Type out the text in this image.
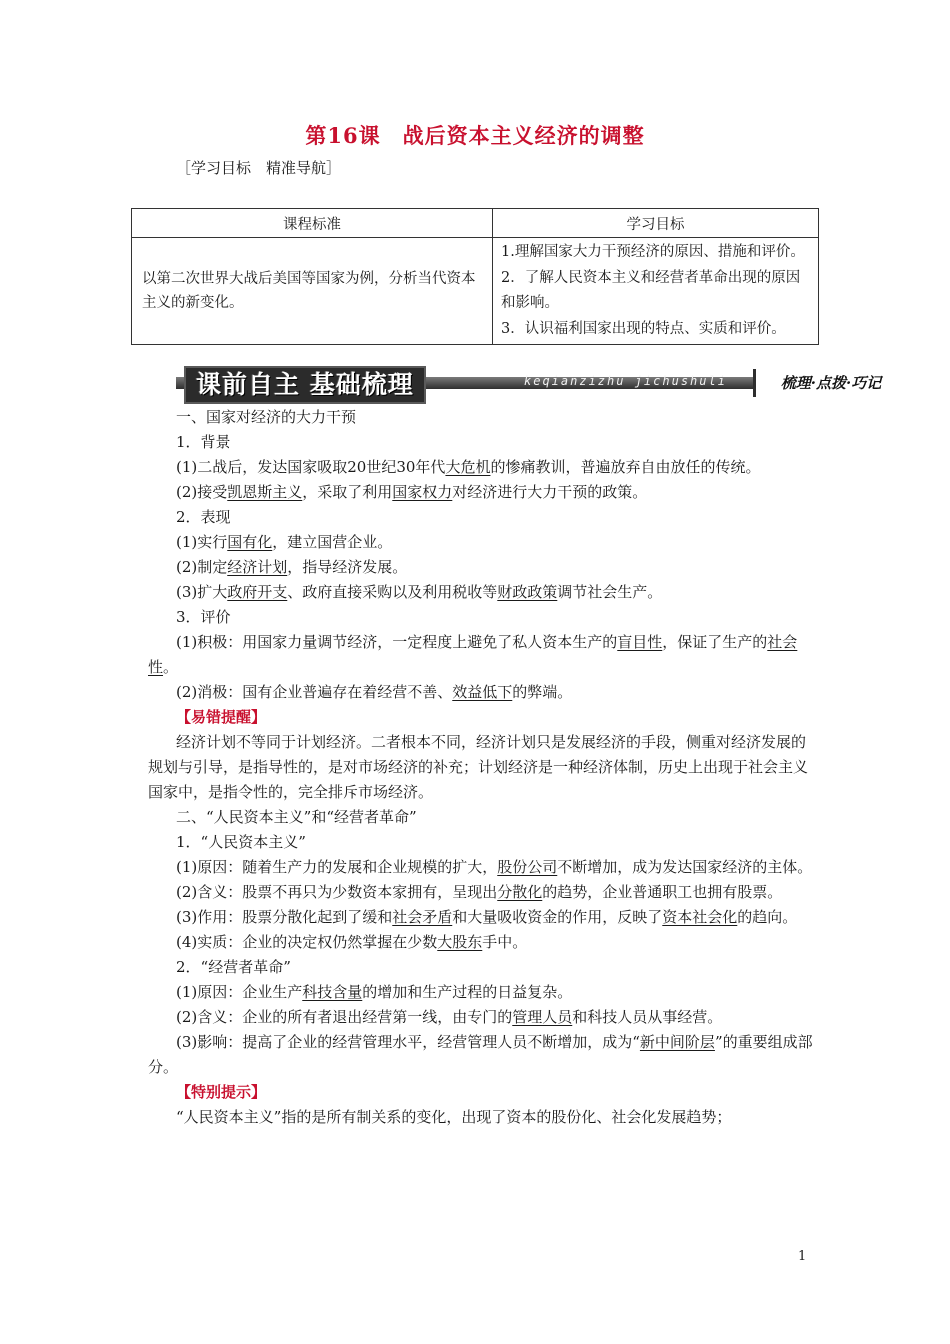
第16课　战后资本主义经济的调整
［学习目标　精准导航］
课程标准	学习目标
以第二次世界大战后美国等国家为例，分析当代资本主义的新变化。	1.理解国家大力干预经济的原因、措施和评价。
2．了解人民资本主义和经营者革命出现的原因和影响。
3．认识福利国家出现的特点、实质和评价。
课前自主 基础梳理	keqianzizhu jichushuli	梳理·点拨·巧记

一、国家对经济的大力干预

1．背景

(1)二战后，发达国家吸取20世纪30年代大危机的惨痛教训，普遍放弃自由放任的传统。

(2)接受凯恩斯主义，采取了利用国家权力对经济进行大力干预的政策。

2．表现

(1)实行国有化，建立国营企业。

(2)制定经济计划，指导经济发展。

(3)扩大政府开支、政府直接采购以及利用税收等财政政策调节社会生产。

3．评价

(1)积极：用国家力量调节经济，一定程度上避免了私人资本生产的盲目性，保证了生产的社会性。

(2)消极：国有企业普遍存在着经营不善、效益低下的弊端。

【易错提醒】

经济计划不等同于计划经济。二者根本不同，经济计划只是发展经济的手段，侧重对经济发展的规划与引导，是指导性的，是对市场经济的补充；计划经济是一种经济体制，历史上出现于社会主义国家中，是指令性的，完全排斥市场经济。

二、“人民资本主义”和“经营者革命”

1．“人民资本主义”

(1)原因：随着生产力的发展和企业规模的扩大，股份公司不断增加，成为发达国家经济的主体。

(2)含义：股票不再只为少数资本家拥有，呈现出分散化的趋势，企业普通职工也拥有股票。

(3)作用：股票分散化起到了缓和社会矛盾和大量吸收资金的作用，反映了资本社会化的趋向。

(4)实质：企业的决定权仍然掌握在少数大股东手中。

2．“经营者革命”

(1)原因：企业生产科技含量的增加和生产过程的日益复杂。

(2)含义：企业的所有者退出经营第一线，由专门的管理人员和科技人员从事经营。

(3)影响：提高了企业的经营管理水平，经营管理人员不断增加，成为“新中间阶层”的重要组成部分。

【特别提示】

“人民资本主义”指的是所有制关系的变化，出现了资本的股份化、社会化发展趋势；

1
